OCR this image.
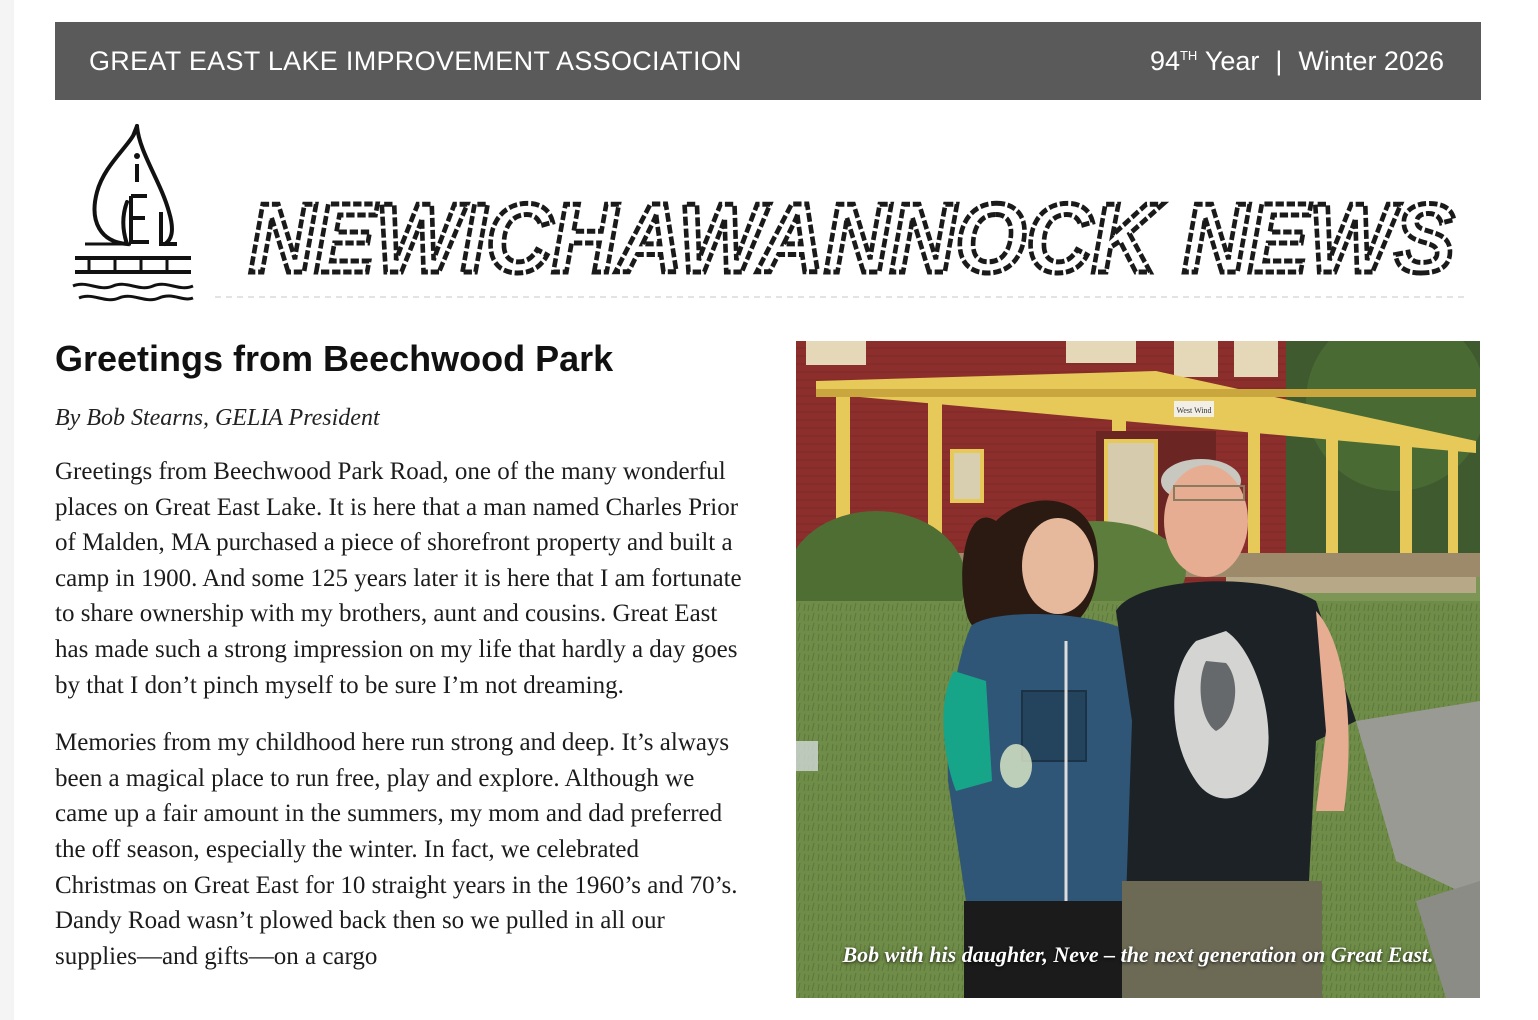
GREAT EAST LAKE IMPROVEMENT ASSOCIATION	94TH
Year | Winter 2026
NEWICHAWANNOCK NEWS
Greetings from Beechwood Park
By Bob Stearns, GELIA President

Greetings from Beechwood Park Road, one of the many wonderful places on Great East Lake. It is here that a man named Charles Prior of Malden, MA purchased a piece of shorefront property and built a camp in 1900. And some 125 years later it is here that I am fortunate to share ownership with my brothers, aunt and cousins. Great East has made such a strong impression on my life that hardly a day goes by that I don’t pinch myself to be sure I’m not dreaming.

Memories from my childhood here run strong and deep. It’s always been a magical place to run free, play and explore. Although we came up a fair amount in the summers, my mom and dad preferred the off season, especially the winter. In fact, we celebrated Christmas on Great East for 10 straight years in the 1960’s and 70’s. Dandy Road wasn’t plowed back then so we pulled in all our supplies—and gifts—on a cargo

West Wind
Bob with his daughter, Neve – the next generation on Great East.
